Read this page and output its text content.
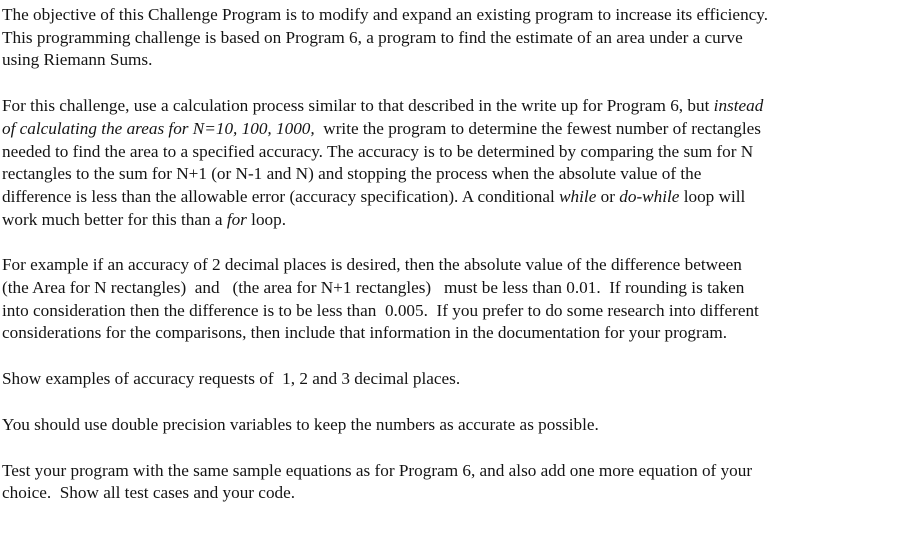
The objective of this Challenge Program is to modify and expand an existing program to increase its efficiency.
This programming challenge is based on Program 6, a program to find the estimate of an area under a curve
using Riemann Sums.

For this challenge, use a calculation process similar to that described in the write up for Program 6, but instead
of calculating the areas for N=10, 100, 1000,  write the program to determine the fewest number of rectangles
needed to find the area to a specified accuracy. The accuracy is to be determined by comparing the sum for N
rectangles to the sum for N+1 (or N-1 and N) and stopping the process when the absolute value of the
difference is less than the allowable error (accuracy specification). A conditional while or do-while loop will
work much better for this than a for loop.

For example if an accuracy of 2 decimal places is desired, then the absolute value of the difference between
(the Area for N rectangles)  and   (the area for N+1 rectangles)   must be less than 0.01.  If rounding is taken
into consideration then the difference is to be less than  0.005.  If you prefer to do some research into different
considerations for the comparisons, then include that information in the documentation for your program.

Show examples of accuracy requests of  1, 2 and 3 decimal places.

You should use double precision variables to keep the numbers as accurate as possible.

Test your program with the same sample equations as for Program 6, and also add one more equation of your
choice.  Show all test cases and your code.
